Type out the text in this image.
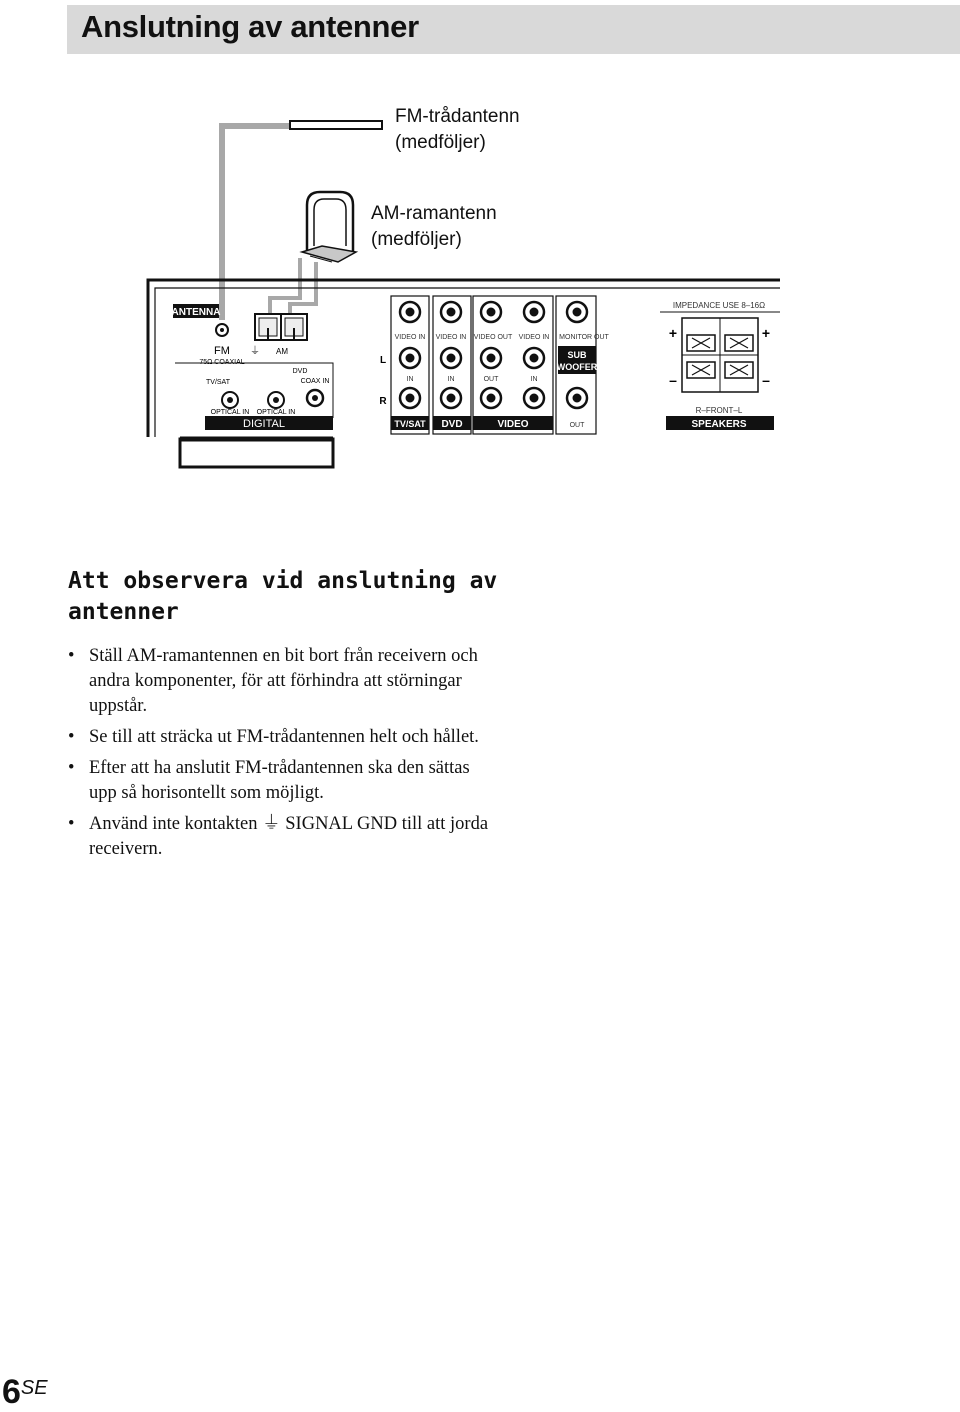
Anslutning av antenner
FM-trådantenn
(medföljer)
AM-ramantenn
(medföljer)
ANTENNA
FM
75Ω COAXIAL
AM
⏚
TV/SAT
DVD
COAX IN
OPTICAL IN OPTICAL IN
DIGITAL
L
R
VIDEO IN VIDEO IN VIDEO OUT VIDEO IN MONITOR OUT
IN	IN	OUT	IN
OUT
SUB
WOOFER
TV/SAT DVD	VIDEO
IMPEDANCE USE 8–16Ω
+	+
–	–
R–FRONT–L
SPEAKERS
Att observera vid anslutning av antenner
• Ställ AM-ramantennen en bit bort från receivern och andra komponenter, för att förhindra att störningar uppstår.
• Se till att sträcka ut FM-trådantennen helt och hållet.
• Efter att ha anslutit FM-trådantennen ska den sättas upp så horisontellt som möjligt.
• Använd inte kontakten ⏚ SIGNAL GND till att jorda receivern.
6SE
